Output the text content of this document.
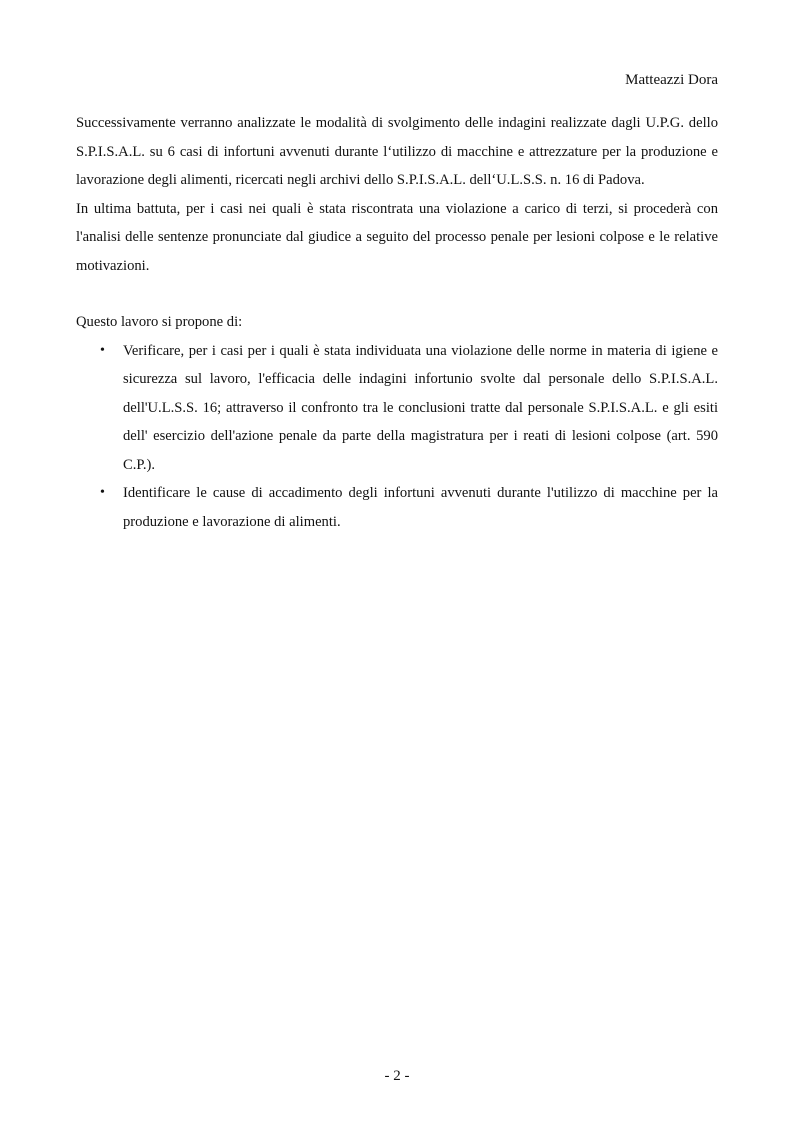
Matteazzi Dora

Successivamente verranno analizzate le modalità di svolgimento delle indagini realizzate dagli U.P.G. dello S.P.I.S.A.L. su 6 casi di infortuni avvenuti durante l‘utilizzo di macchine e attrezzature per la produzione e lavorazione degli alimenti, ricercati negli archivi dello S.P.I.S.A.L. dell‘U.L.S.S. n. 16 di Padova.

In ultima battuta, per i casi nei quali è stata riscontrata una violazione a carico di terzi, si procederà con l'analisi delle sentenze pronunciate dal giudice a seguito del processo penale per lesioni colpose e le relative motivazioni.

Questo lavoro si propone di:

• Verificare, per i casi per i quali è stata individuata una violazione delle norme in materia di igiene e sicurezza sul lavoro, l'efficacia delle indagini infortunio svolte dal personale dello S.P.I.S.A.L. dell'U.L.S.S. 16; attraverso il confronto tra le conclusioni tratte dal personale S.P.I.S.A.L. e gli esiti dell' esercizio dell'azione penale da parte della magistratura per i reati di lesioni colpose (art. 590 C.P.).
• Identificare le cause di accadimento degli infortuni avvenuti durante l'utilizzo di macchine per la produzione e lavorazione di alimenti.
- 2 -
